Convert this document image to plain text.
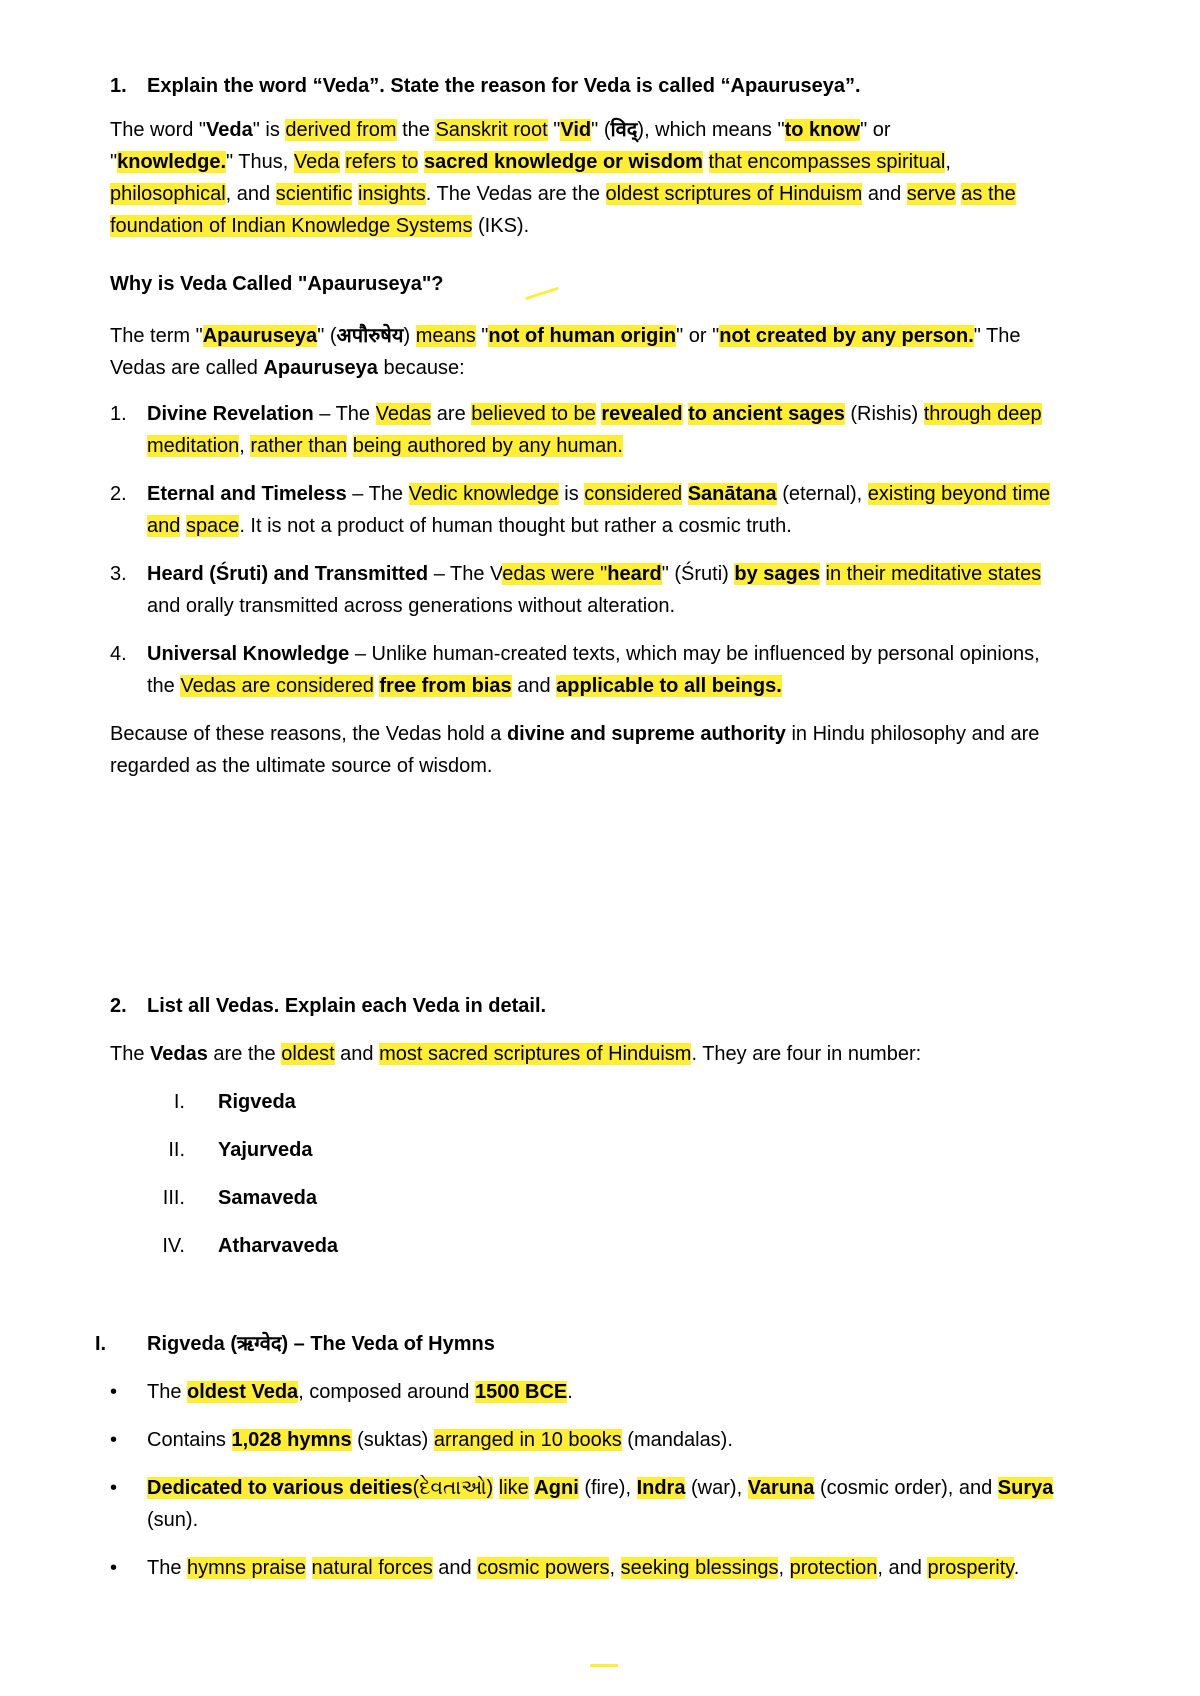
1. Explain the word “Veda”. State the reason for Veda is called “Apauruseya”.

The word "Veda" is derived from the Sanskrit root "Vid" (विद्), which means "to know" or

"knowledge." Thus, Veda refers to sacred knowledge or wisdom that encompasses spiritual,

philosophical, and scientific insights. The Vedas are the oldest scriptures of Hinduism and serve as the

foundation of Indian Knowledge Systems (IKS).

Why is Veda Called "Apauruseya"?

The term "Apauruseya" (अपौरुषेय) means "not of human origin" or "not created by any person." The

Vedas are called Apauruseya because:

1. Divine Revelation – The Vedas are believed to be revealed to ancient sages (Rishis) through deep

meditation, rather than being authored by any human.

2. Eternal and Timeless – The Vedic knowledge is considered Sanātana (eternal), existing beyond time

and space. It is not a product of human thought but rather a cosmic truth.

3. Heard (Śruti) and Transmitted – The Vedas were "heard" (Śruti) by sages in their meditative states

and orally transmitted across generations without alteration.

4. Universal Knowledge – Unlike human-created texts, which may be influenced by personal opinions,

the Vedas are considered free from bias and applicable to all beings.

Because of these reasons, the Vedas hold a divine and supreme authority in Hindu philosophy and are

regarded as the ultimate source of wisdom.

2. List all Vedas. Explain each Veda in detail.

The Vedas are the oldest and most sacred scriptures of Hinduism. They are four in number:

I. Rigveda
II. Yajurveda
III. Samaveda
IV. Atharvaveda
I. Rigveda (ऋग्वेद) – The Veda of Hymns
• The oldest Veda, composed around 1500 BCE.

• Contains 1,028 hymns (suktas) arranged in 10 books (mandalas).

• Dedicated to various deities(દેવતાઓ) like Agni (fire), Indra (war), Varuna (cosmic order), and Surya

(sun).

• The hymns praise natural forces and cosmic powers, seeking blessings, protection, and prosperity.
